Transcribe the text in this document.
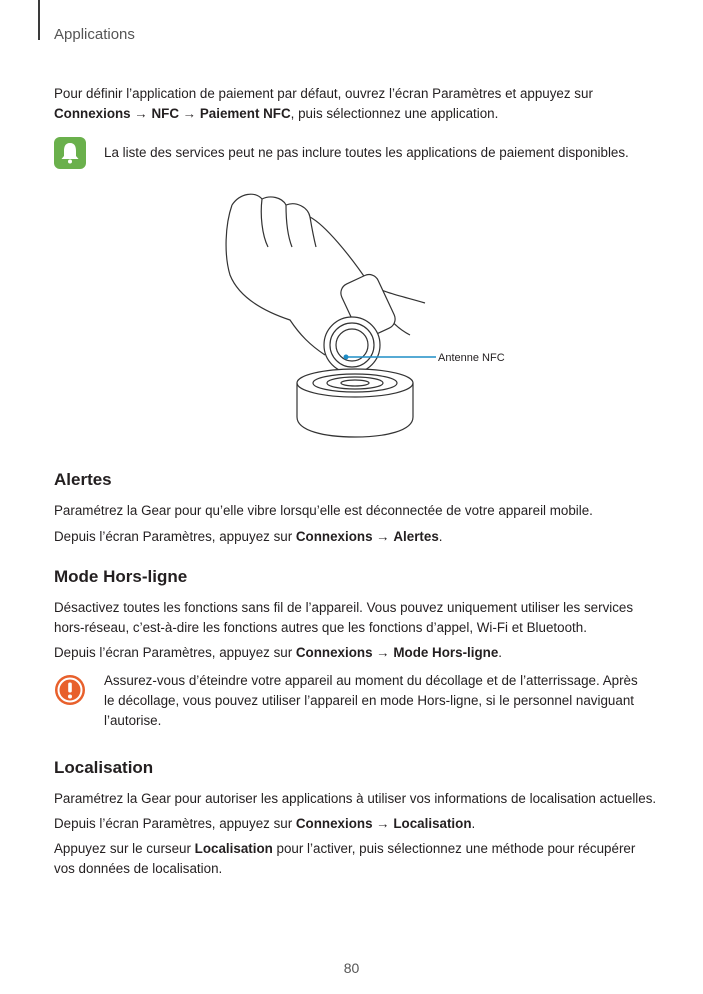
Applications
Pour définir l’application de paiement par défaut, ouvrez l’écran Paramètres et appuyez sur
Connexions → NFC → Paiement NFC, puis sélectionnez une application.
La liste des services peut ne pas inclure toutes les applications de paiement disponibles.
Antenne NFC
Alertes
Paramétrez la Gear pour qu’elle vibre lorsqu’elle est déconnectée de votre appareil mobile.
Depuis l’écran Paramètres, appuyez sur Connexions → Alertes.
Mode Hors-ligne
Désactivez toutes les fonctions sans fil de l’appareil. Vous pouvez uniquement utiliser les services hors-réseau, c’est-à-dire les fonctions autres que les fonctions d’appel, Wi-Fi et Bluetooth.
Depuis l’écran Paramètres, appuyez sur Connexions → Mode Hors-ligne.
Assurez-vous d’éteindre votre appareil au moment du décollage et de l’atterrissage. Après le décollage, vous pouvez utiliser l’appareil en mode Hors-ligne, si le personnel naviguant l’autorise.
Localisation
Paramétrez la Gear pour autoriser les applications à utiliser vos informations de localisation actuelles.
Depuis l’écran Paramètres, appuyez sur Connexions → Localisation.
Appuyez sur le curseur Localisation pour l’activer, puis sélectionnez une méthode pour récupérer vos données de localisation.
80
